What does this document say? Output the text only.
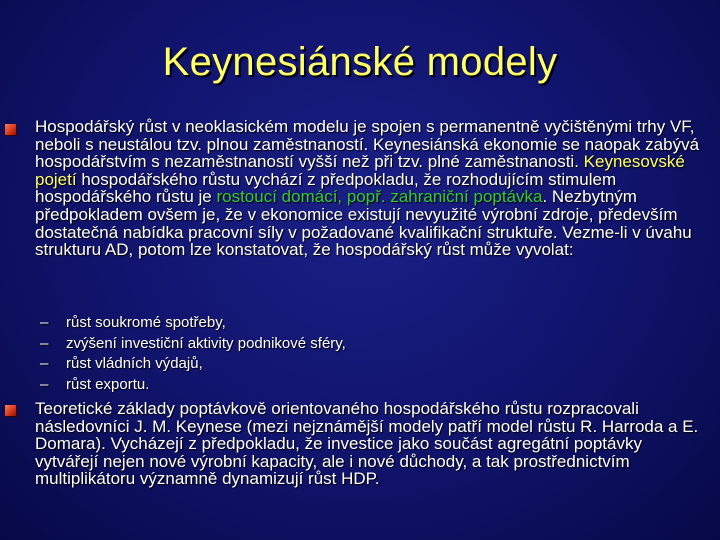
Keynesiánské modely
Hospodářský růst v neoklasickém modelu je spojen s permanentně vyčištěnými trhy VF, neboli s neustálou tzv. plnou zaměstnaností. Keynesiánská ekonomie se naopak zabývá hospodářstvím s nezaměstnaností vyšší než při tzv. plné zaměstnanosti. Keynesovské pojetí hospodářského růstu vychází z předpokladu, že rozhodujícím stimulem hospodářského růstu je rostoucí domácí, popř. zahraniční poptávka. Nezbytným předpokladem ovšem je, že v ekonomice existují nevyužité výrobní zdroje, především dostatečná nabídka pracovní síly v požadované kvalifikační struktuře. Vezme-li v úvahu strukturu AD, potom lze konstatovat, že hospodářský růst může vyvolat:
– růst soukromé spotřeby,
– zvýšení investiční aktivity podnikové sféry,
– růst vládních výdajů,
– růst exportu.
Teoretické základy poptávkově orientovaného hospodářského růstu rozpracovali následovníci J. M. Keynese (mezi nejznámější modely patří model růstu R. Harroda a E. Domara). Vycházejí z předpokladu, že investice jako součást agregátní poptávky vytvářejí nejen nové výrobní kapacity, ale i nové důchody, a tak prostřednictvím multiplikátoru významně dynamizují růst HDP.
